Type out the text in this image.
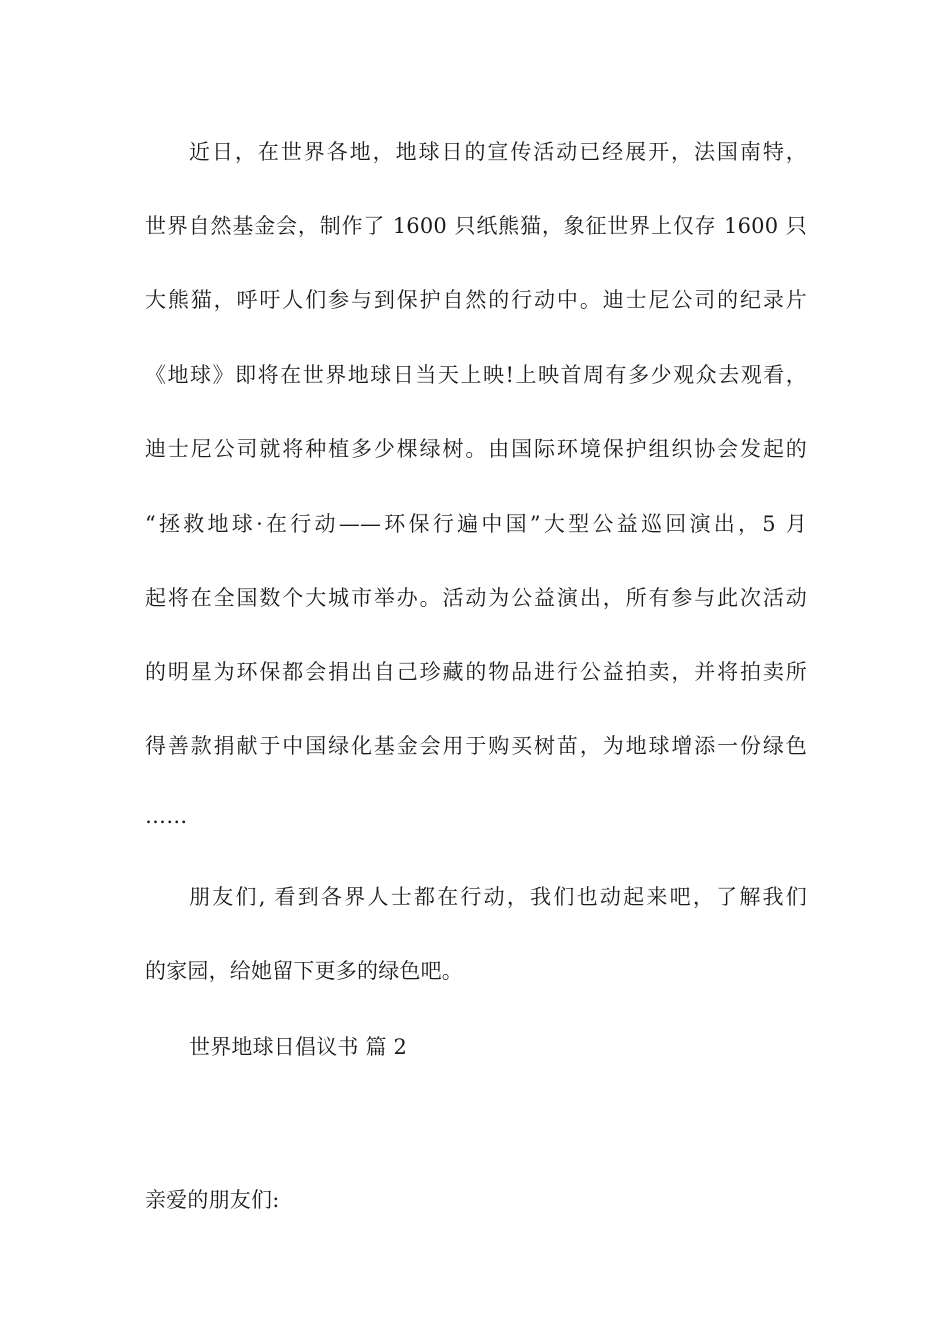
近日，在世界各地，地球日的宣传活动已经展开，法国南特，

世界自然基金会，制作了 1600 只纸熊猫，象征世界上仅存 1600 只

大熊猫，呼吁人们参与到保护自然的行动中。迪士尼公司的纪录片

《地球》即将在世界地球日当天上映!上映首周有多少观众去观看，

迪士尼公司就将种植多少棵绿树。由国际环境保护组织协会发起的

“拯救地球·在行动——环保行遍中国”大型公益巡回演出，5 月

起将在全国数个大城市举办。活动为公益演出，所有参与此次活动

的明星为环保都会捐出自己珍藏的物品进行公益拍卖，并将拍卖所

得善款捐献于中国绿化基金会用于购买树苗，为地球增添一份绿色

……

朋友们, 看到各界人士都在行动，我们也动起来吧，了解我们

的家园，给她留下更多的绿色吧。

世界地球日倡议书 篇 2

亲爱的朋友们:
